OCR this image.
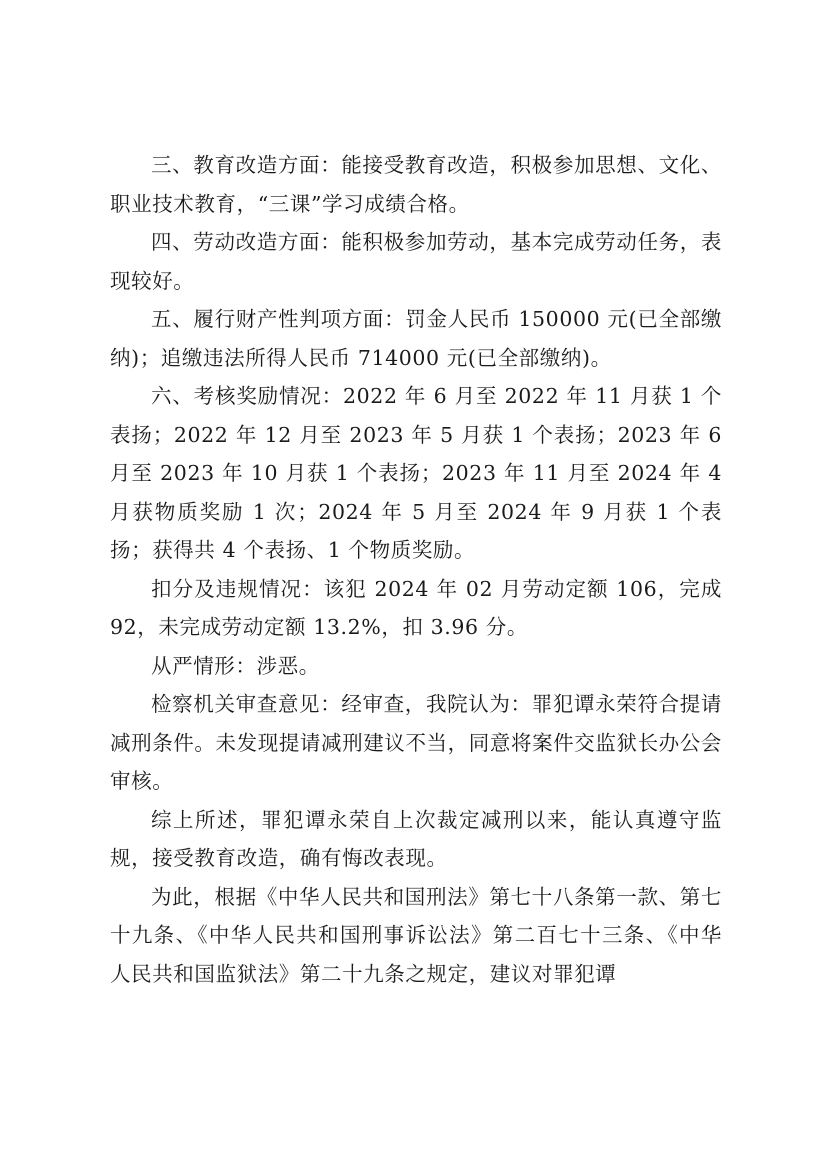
三、教育改造方面：能接受教育改造，积极参加思想、文化、职业技术教育，“三课”学习成绩合格。

四、劳动改造方面：能积极参加劳动，基本完成劳动任务，表现较好。

五、履行财产性判项方面：罚金人民币 150000 元(已全部缴纳)；追缴违法所得人民币 714000 元(已全部缴纳)。

六、考核奖励情况：2022 年 6 月至 2022 年 11 月获 1 个表扬；2022 年 12 月至 2023 年 5 月获 1 个表扬；2023 年 6 月至 2023 年 10 月获 1 个表扬；2023 年 11 月至 2024 年 4 月获物质奖励 1 次；2024 年 5 月至 2024 年 9 月获 1 个表扬；获得共 4 个表扬、1 个物质奖励。

扣分及违规情况：该犯 2024 年 02 月劳动定额 106，完成 92，未完成劳动定额 13.2%，扣 3.96 分。

从严情形：涉恶。

检察机关审查意见：经审查，我院认为：罪犯谭永荣符合提请减刑条件。未发现提请减刑建议不当，同意将案件交监狱长办公会审核。

综上所述，罪犯谭永荣自上次裁定减刑以来，能认真遵守监规，接受教育改造，确有悔改表现。

为此，根据《中华人民共和国刑法》第七十八条第一款、第七十九条、《中华人民共和国刑事诉讼法》第二百七十三条、《中华人民共和国监狱法》第二十九条之规定，建议对罪犯谭
